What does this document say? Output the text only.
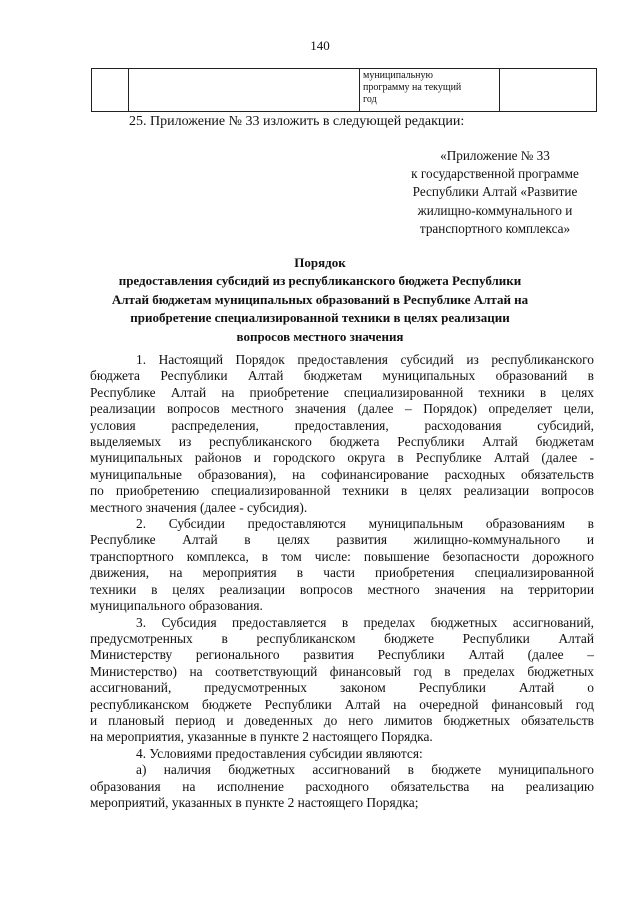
140

муниципальную
программу на текущий
год

25. Приложение № 33 изложить в следующей редакции:
«Приложение № 33
к государственной программе
Республики Алтай «Развитие
жилищно-коммунального и
транспортного комплекса»
Порядок
предоставления субсидий из республиканского бюджета Республики
Алтай бюджетам муниципальных образований в Республике Алтай на
приобретение специализированной техники в целях реализации
вопросов местного значения
1. Настоящий Порядок предоставления субсидий из республиканского
бюджета Республики Алтай бюджетам муниципальных образований в
Республике Алтай на приобретение специализированной техники в целях
реализации вопросов местного значения (далее – Порядок) определяет цели,
условия распределения, предоставления, расходования субсидий,
выделяемых из республиканского бюджета Республики Алтай бюджетам
муниципальных районов и городского округа в Республике Алтай (далее -
муниципальные образования), на софинансирование расходных обязательств
по приобретению специализированной техники в целях реализации вопросов
местного значения (далее - субсидия).
2. Субсидии предоставляются муниципальным образованиям в
Республике Алтай в целях развития жилищно-коммунального и
транспортного комплекса, в том числе: повышение безопасности дорожного
движения, на мероприятия в части приобретения специализированной
техники в целях реализации вопросов местного значения на территории
муниципального образования.
3. Субсидия предоставляется в пределах бюджетных ассигнований,
предусмотренных в республиканском бюджете Республики Алтай
Министерству регионального развития Республики Алтай (далее –
Министерство) на соответствующий финансовый год в пределах бюджетных
ассигнований, предусмотренных законом Республики Алтай о
республиканском бюджете Республики Алтай на очередной финансовый год
и плановый период и доведенных до него лимитов бюджетных обязательств
на мероприятия, указанные в пункте 2 настоящего Порядка.
4. Условиями предоставления субсидии являются:
а) наличия бюджетных ассигнований в бюджете муниципального
образования на исполнение расходного обязательства на реализацию
мероприятий, указанных в пункте 2 настоящего Порядка;
